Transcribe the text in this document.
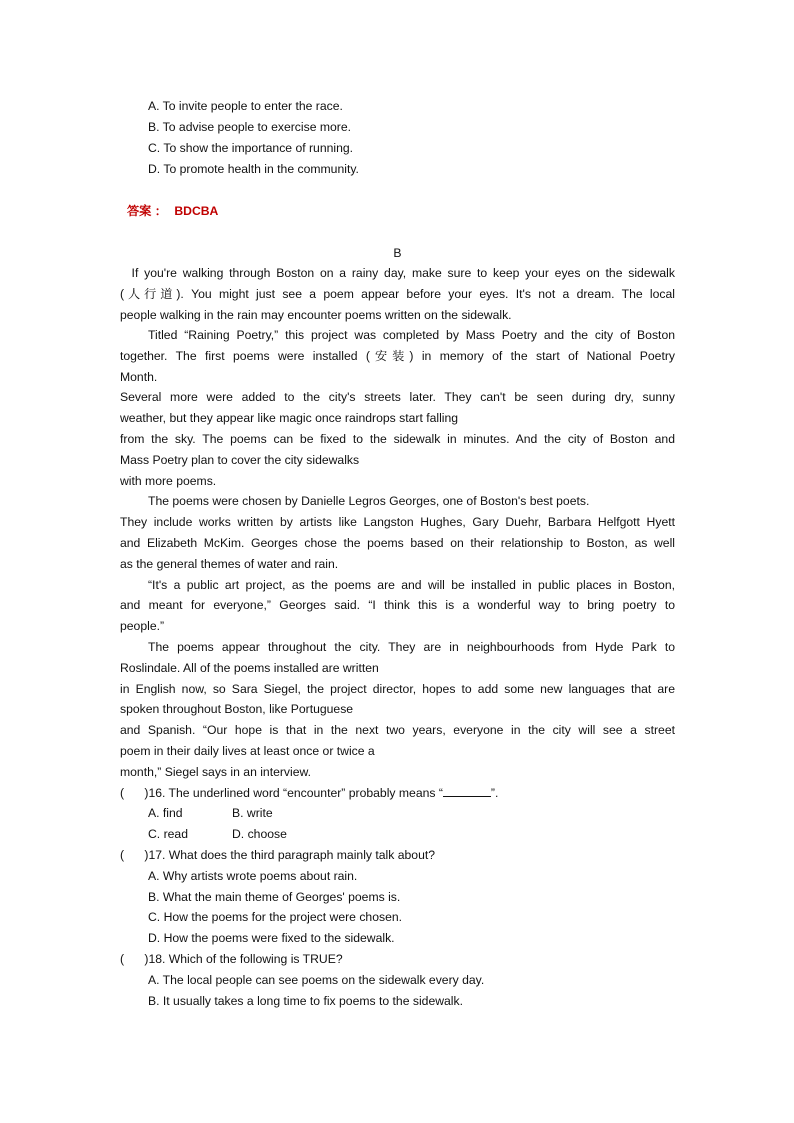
A. To invite people to enter the race.
B. To advise people to exercise more.
C. To show the importance of running.
D. To promote health in the community.
答案 ： BDCBA
B
If you're walking through Boston on a rainy day, make sure to keep your eyes on the sidewalk
(人行道). You might just see a poem appear before your eyes. It's not a dream. The local
people walking in the rain may encounter poems written on the sidewalk.
Titled “Raining Poetry,” this project was completed by Mass Poetry and the city of Boston
together. The first poems were installed (安装) in memory of the start of National Poetry
Month.
Several more were added to the city's streets later. They can't be seen during dry, sunny
weather, but they appear like magic once raindrops start falling
from the sky. The poems can be fixed to the sidewalk in minutes. And the city of Boston and
Mass Poetry plan to cover the city sidewalks
with more poems.
The poems were chosen by Danielle Legros Georges, one of Boston's best poets.
They include works written by artists like Langston Hughes, Gary Duehr, Barbara Helfgott Hyett
and Elizabeth McKim. Georges chose the poems based on their relationship to Boston, as well
as the general themes of water and rain.
“It's a public art project, as the poems are and will be installed in public places in Boston,
and meant for everyone,” Georges said. “I think this is a wonderful way to bring poetry to
people.”
The poems appear throughout the city. They are in neighbourhoods from Hyde Park to
Roslindale. All of the poems installed are written
in English now, so Sara Siegel, the project director, hopes to add some new languages that are
spoken throughout Boston, like Portuguese
and Spanish. “Our hope is that in the next two years, everyone in the city will see a street
poem in their daily lives at least once or twice a
month,” Siegel says in an interview.
(      )16. The underlined word “encounter” probably means “	”.
A. find	B. write
C. read	D. choose
(      )17. What does the third paragraph mainly talk about?
A. Why artists wrote poems about rain.
B. What the main theme of Georges' poems is.
C. How the poems for the project were chosen.
D. How the poems were fixed to the sidewalk.
(      )18. Which of the following is TRUE?
A. The local people can see poems on the sidewalk every day.
B. It usually takes a long time to fix poems to the sidewalk.
